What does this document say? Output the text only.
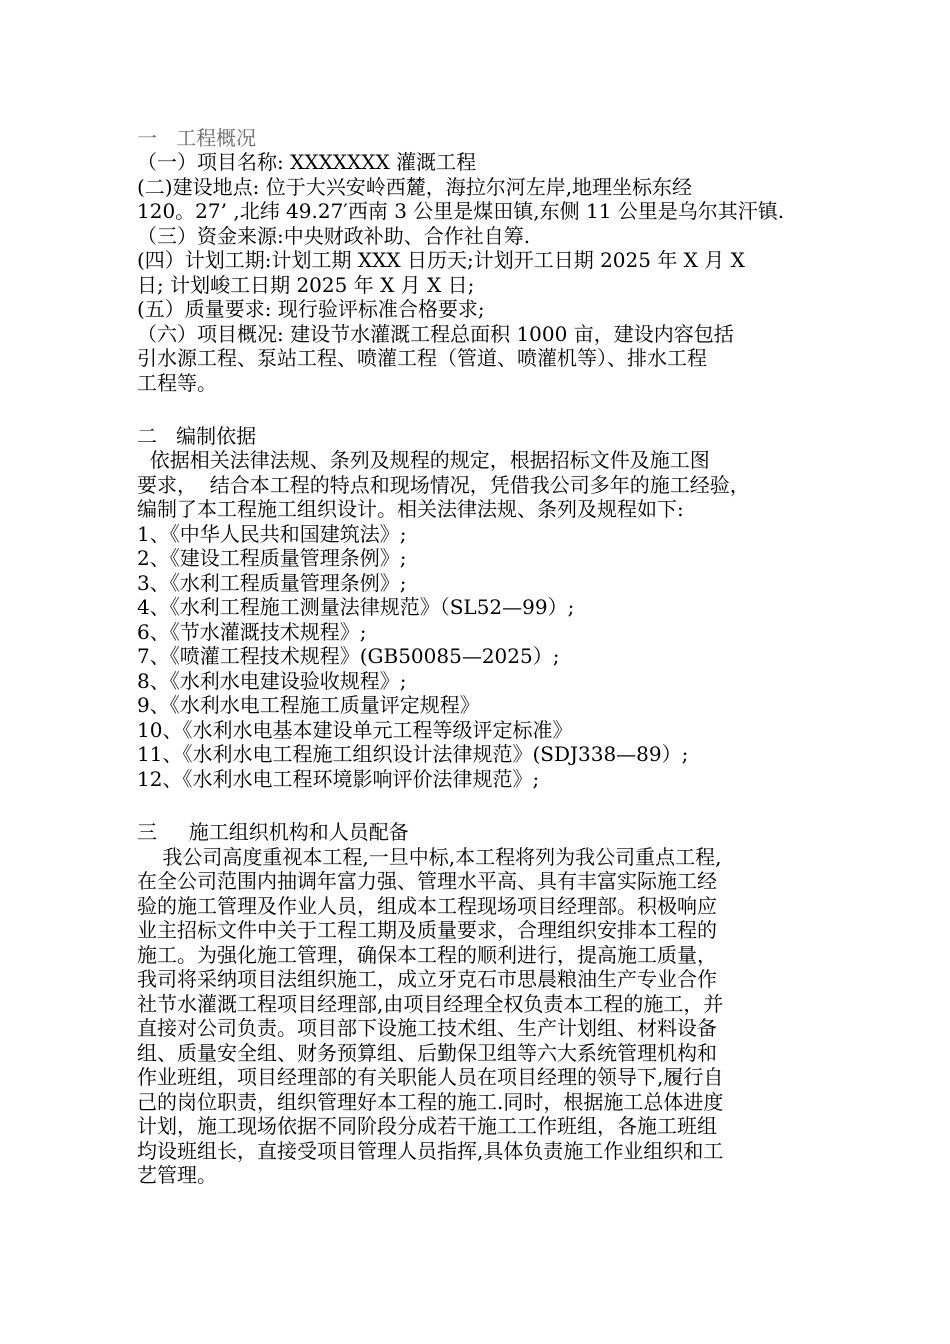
一   工程概况
（一）项目名称: XXXXXXX 灌溉工程
(二)建设地点: 位于大兴安岭西麓，海拉尔河左岸,地理坐标东经
120。27’ ,北纬 49.27′西南 3 公里是煤田镇,东侧 11 公里是乌尔其汗镇.
（三）资金来源:中央财政补助、合作社自筹.
(四）计划工期:计划工期 XXX 日历天;计划开工日期 2025 年 X 月 X
日; 计划峻工日期 2025 年 X 月 X 日;
(五）质量要求: 现行验评标准合格要求;
（六）项目概况: 建设节水灌溉工程总面积 1000 亩，建设内容包括
引水源工程、泵站工程、喷灌工程（管道、喷灌机等）、排水工程
工程等。
二   编制依据
依据相关法律法规、条列及规程的规定，根据招标文件及施工图
要求，  结合本工程的特点和现场情况，凭借我公司多年的施工经验，
编制了本工程施工组织设计。相关法律法规、条列及规程如下:
1、《中华人民共和国建筑法》;
2、《建设工程质量管理条例》;
3、《水利工程质量管理条例》;
4、《水利工程施工测量法律规范》（SL52—99）;
6、《节水灌溉技术规程》;
7、《喷灌工程技术规程》(GB50085—2025）;
8、《水利水电建设验收规程》;
9、《水利水电工程施工质量评定规程》
10、《水利水电基本建设单元工程等级评定标准》
11、《水利水电工程施工组织设计法律规范》(SDJ338—89）;
12、《水利水电工程环境影响评价法律规范》;
三     施工组织机构和人员配备
我公司高度重视本工程,一旦中标,本工程将列为我公司重点工程,
在全公司范围内抽调年富力强、管理水平高、具有丰富实际施工经
验的施工管理及作业人员，组成本工程现场项目经理部。积极响应
业主招标文件中关于工程工期及质量要求，合理组织安排本工程的
施工。为强化施工管理，确保本工程的顺利进行，提高施工质量，
我司将采纳项目法组织施工，成立牙克石市思晨粮油生产专业合作
社节水灌溉工程项目经理部,由项目经理全权负责本工程的施工，并
直接对公司负责。项目部下设施工技术组、生产计划组、材料设备
组、质量安全组、财务预算组、后勤保卫组等六大系统管理机构和
作业班组，项目经理部的有关职能人员在项目经理的领导下,履行自
己的岗位职责，组织管理好本工程的施工.同时，根据施工总体进度
计划，施工现场依据不同阶段分成若干施工工作班组，各施工班组
均设班组长，直接受项目管理人员指挥,具体负责施工作业组织和工
艺管理。
